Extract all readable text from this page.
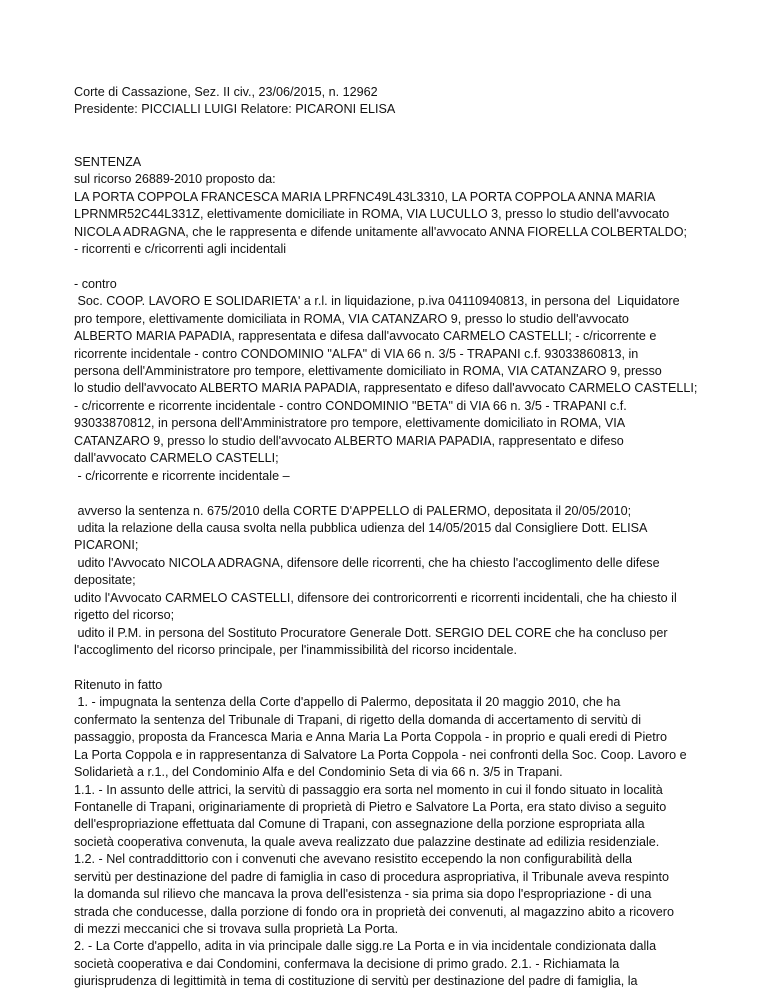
Corte di Cassazione, Sez. II civ., 23/06/2015, n. 12962
Presidente: PICCIALLI LUIGI Relatore: PICARONI ELISA
SENTENZA
sul ricorso 26889-2010 proposto da:
LA PORTA COPPOLA FRANCESCA MARIA LPRFNC49L43L3310, LA PORTA COPPOLA ANNA MARIA
LPRNMR52C44L331Z, elettivamente domiciliate in ROMA, VIA LUCULLO 3, presso lo studio dell'avvocato
NICOLA ADRAGNA, che le rappresenta e difende unitamente all'avvocato ANNA FIORELLA COLBERTALDO;
- ricorrenti e c/ricorrenti agli incidentali
- contro
Soc. COOP. LAVORO E SOLIDARIETA' a r.l. in liquidazione, p.iva 04110940813, in persona del  Liquidatore
pro tempore, elettivamente domiciliata in ROMA, VIA CATANZARO 9, presso lo studio dell'avvocato
ALBERTO MARIA PAPADIA, rappresentata e difesa dall'avvocato CARMELO CASTELLI; - c/ricorrente e
ricorrente incidentale - contro CONDOMINIO "ALFA" di VIA 66 n. 3/5 - TRAPANI c.f. 93033860813, in
persona dell'Amministratore pro tempore, elettivamente domiciliato in ROMA, VIA CATANZARO 9, presso
lo studio dell'avvocato ALBERTO MARIA PAPADIA, rappresentato e difeso dall'avvocato CARMELO CASTELLI;
- c/ricorrente e ricorrente incidentale - contro CONDOMINIO "BETA" di VIA 66 n. 3/5 - TRAPANI c.f.
93033870812, in persona dell'Amministratore pro tempore, elettivamente domiciliato in ROMA, VIA
CATANZARO 9, presso lo studio dell'avvocato ALBERTO MARIA PAPADIA, rappresentato e difeso
dall'avvocato CARMELO CASTELLI;
- c/ricorrente e ricorrente incidentale –
avverso la sentenza n. 675/2010 della CORTE D'APPELLO di PALERMO, depositata il 20/05/2010;
udita la relazione della causa svolta nella pubblica udienza del 14/05/2015 dal Consigliere Dott. ELISA
PICARONI;
udito l'Avvocato NICOLA ADRAGNA, difensore delle ricorrenti, che ha chiesto l'accoglimento delle difese
depositate;
udito l'Avvocato CARMELO CASTELLI, difensore dei controricorrenti e ricorrenti incidentali, che ha chiesto il
rigetto del ricorso;
udito il P.M. in persona del Sostituto Procuratore Generale Dott. SERGIO DEL CORE che ha concluso per
l'accoglimento del ricorso principale, per l'inammissibilità del ricorso incidentale.
Ritenuto in fatto
1. - impugnata la sentenza della Corte d'appello di Palermo, depositata il 20 maggio 2010, che ha
confermato la sentenza del Tribunale di Trapani, di rigetto della domanda di accertamento di servitù di
passaggio, proposta da Francesca Maria e Anna Maria La Porta Coppola - in proprio e quali eredi di Pietro
La Porta Coppola e in rappresentanza di Salvatore La Porta Coppola - nei confronti della Soc. Coop. Lavoro e
Solidarietà a r.1., del Condominio Alfa e del Condominio Seta di via 66 n. 3/5 in Trapani.
1.1. - In assunto delle attrici, la servitù di passaggio era sorta nel momento in cui il fondo situato in località
Fontanelle di Trapani, originariamente di proprietà di Pietro e Salvatore La Porta, era stato diviso a seguito
dell'espropriazione effettuata dal Comune di Trapani, con assegnazione della porzione espropriata alla
società cooperativa convenuta, la quale aveva realizzato due palazzine destinate ad edilizia residenziale.
1.2. - Nel contraddittorio con i convenuti che avevano resistito eccependo la non configurabilità della
servitù per destinazione del padre di famiglia in caso di procedura aspropriativa, il Tribunale aveva respinto
la domanda sul rilievo che mancava la prova dell'esistenza - sia prima sia dopo l'espropriazione - di una
strada che conducesse, dalla porzione di fondo ora in proprietà dei convenuti, al magazzino abito a ricovero
di mezzi meccanici che si trovava sulla proprietà La Porta.
2. - La Corte d'appello, adita in via principale dalle sigg.re La Porta e in via incidentale condizionata dalla
società cooperativa e dai Condomini, confermava la decisione di primo grado. 2.1. - Richiamata la
giurisprudenza di legittimità in tema di costituzione di servitù per destinazione del padre di famiglia, la
